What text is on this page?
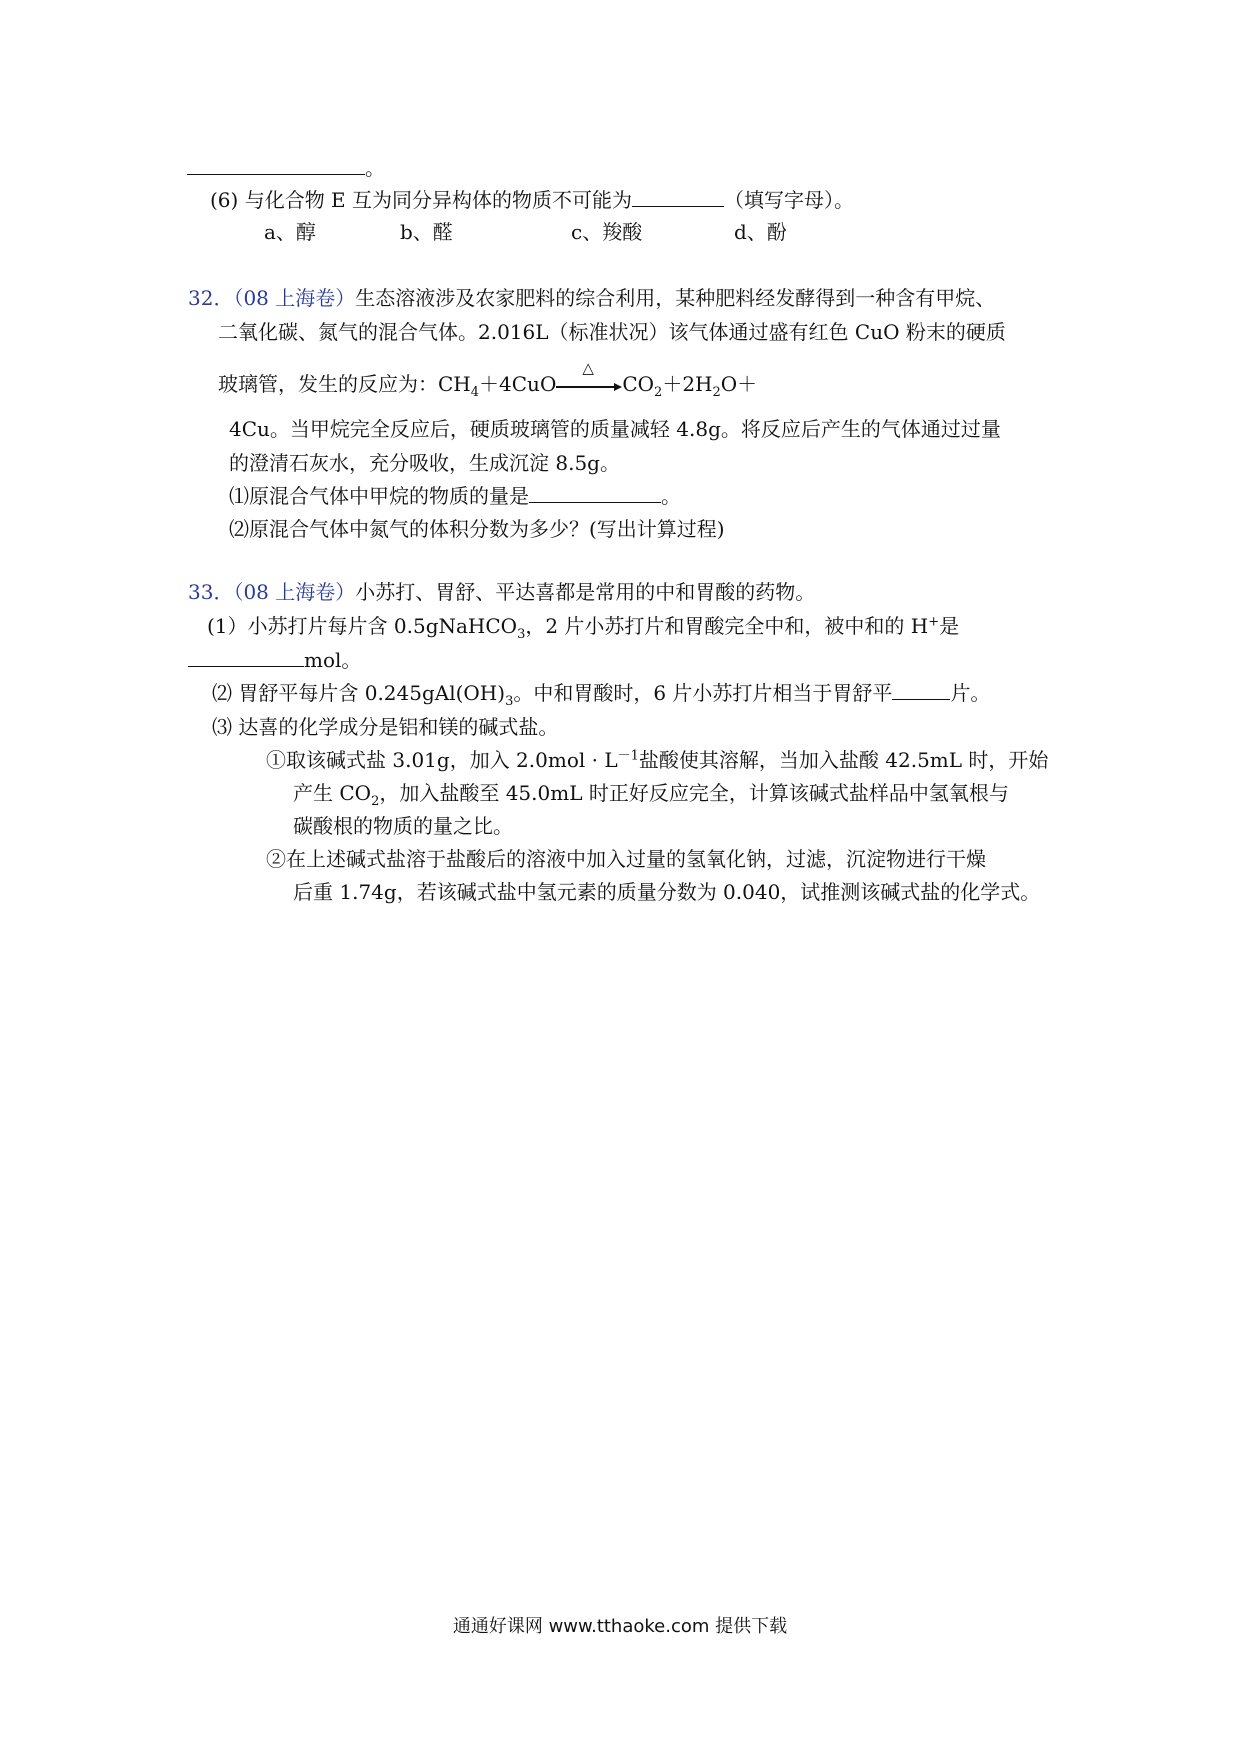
。
(6) 与化合物 E 互为同分异构体的物质不可能为	（填写字母）。
a、醇	b、醛	c、羧酸	d、酚
32．（08 上海卷）生态溶液涉及农家肥料的综合利用，某种肥料经发酵得到一种含有甲烷、
二氧化碳、氮气的混合气体。2.016L（标准状况）该气体通过盛有红色 CuO 粉末的硬质
玻璃管，发生的反应为：$CH_4+4CuO$
△
$CO_2+2H_2O+$
4Cu。当甲烷完全反应后，硬质玻璃管的质量减轻 4.8g。将反应后产生的气体通过过量
的澄清石灰水，充分吸收，生成沉淀 8.5g。
⑴原混合气体中甲烷的物质的量是	。
⑵原混合气体中氮气的体积分数为多少？(写出计算过程)
33．（08 上海卷）小苏打、胃舒、平达喜都是常用的中和胃酸的药物。
(1）小苏打片每片含 0.5gNaHCO$_3$，2 片小苏打片和胃酸完全中和，被中和的 H+是
mol。
⑵ 胃舒平每片含 $0.245gAl(OH)_3$。中和胃酸时，6 片小苏打片相当于胃舒平	片。
⑶ 达喜的化学成分是铝和镁的碱式盐。
①取该碱式盐 3.01g，加入 $2.0mol \cdot L^{-1}$盐酸使其溶解，当加入盐酸 42.5mL 时，开始
产生 $CO_2$，加入盐酸至 45.0mL 时正好反应完全，计算该碱式盐样品中氢氧根与
碳酸根的物质的量之比。
②在上述碱式盐溶于盐酸后的溶液中加入过量的氢氧化钠，过滤，沉淀物进行干燥
后重 1.74g，若该碱式盐中氢元素的质量分数为 0.040，试推测该碱式盐的化学式。
通通好课网 www.tthaoke.com 提供下载
